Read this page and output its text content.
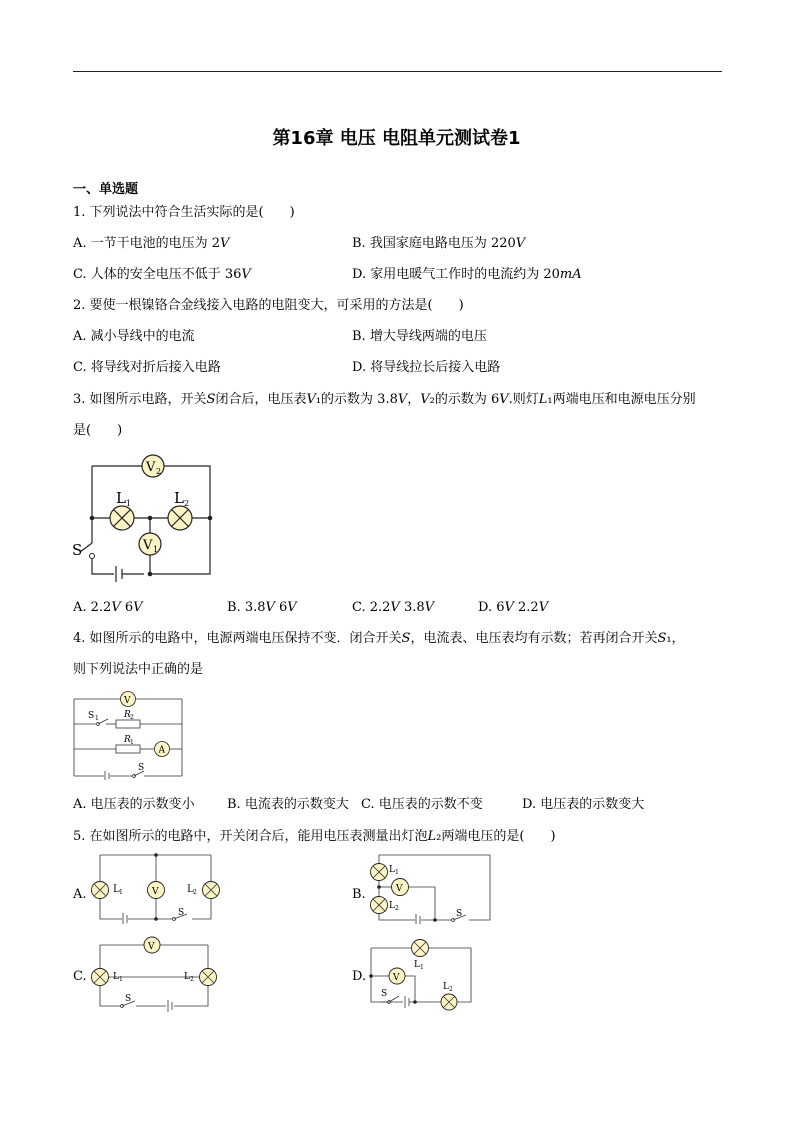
第16章 电压 电阻单元测试卷1
一、单选题
1. 下列说法中符合生活实际的是(　　)
A. 一节干电池的电压为 2𝑉	B. 我国家庭电路电压为 220𝑉
C. 人体的安全电压不低于 36𝑉	D. 家用电暖气工作时的电流约为 20𝑚𝐴
2. 要使一根镍铬合金线接入电路的电阻变大，可采用的方法是(　　)
A. 减小导线中的电流	B. 增大导线两端的电压
C. 将导线对折后接入电路	D. 将导线拉长后接入电路
3. 如图所示电路，开关𝑆闭合后，电压表𝑉₁的示数为 3.8𝑉，𝑉₂的示数为 6𝑉.则灯𝐿₁两端电压和电源电压分别
是(　　)
V 2
L 1	L 2
V 1
S
A. 2.2𝑉 6𝑉	B. 3.8𝑉 6𝑉	C. 2.2𝑉 3.8𝑉	D. 6𝑉 2.2𝑉
4. 如图所示的电路中，电源两端电压保持不变．闭合开关𝑆，电流表、电压表均有示数；若再闭合开关𝑆₁，
则下列说法中正确的是
S 1	R 2
R 1
V
A
S
A. 电压表的示数变小 B. 电流表的示数变大 C. 电压表的示数不变	D. 电压表的示数变大
5. 在如图所示的电路中，开关闭合后，能用电压表测量出灯泡𝐿₂两端电压的是(　　)
A.
S
L 1	V	L 2	B.
S
L 1
L 2
V
C.
V
L 1	L 2
S
D.
L 1
V
S
L 2
